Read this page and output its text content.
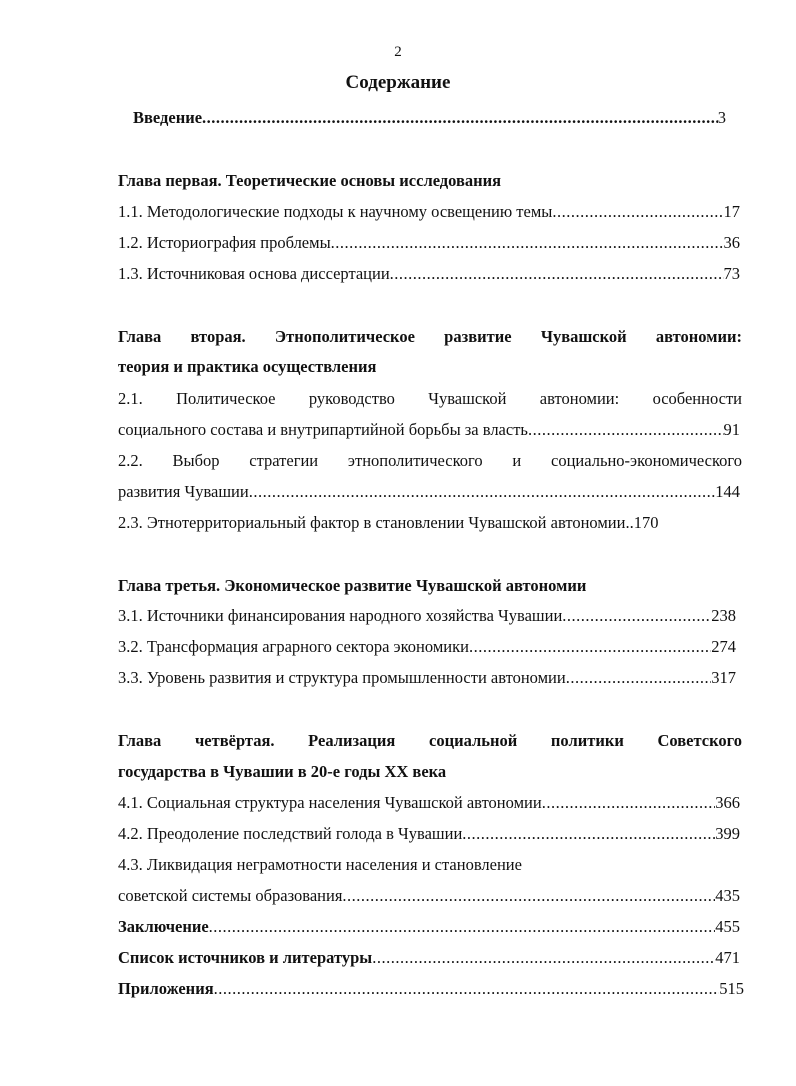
2
Содержание
Введение .....	3
Глава первая. Теоретические основы исследования
1.1. Методологические подходы к научному освещению темы .....	17
1.2. Историография проблемы .....	36
1.3. Источниковая основа диссертации .....	73
Глава вторая. Этнополитическое развитие Чувашской автономии:
теория и практика осуществления
2.1. Политическое руководство Чувашской автономии: особенности
социального состава и внутрипартийной борьбы за власть .....	91
2.2. Выбор стратегии этнополитического и социально-экономического
развития Чувашии .....	144
2.3. Этнотерриториальный фактор в становлении Чувашской автономии..170
Глава третья. Экономическое развитие Чувашской автономии
3.1. Источники финансирования народного хозяйства Чувашии .....	238
3.2. Трансформация аграрного сектора экономики .....	274
3.3. Уровень развития и структура промышленности автономии .....	317
Глава четвёртая. Реализация социальной политики Советского
государства в Чувашии в 20-е годы XX века
4.1. Социальная структура населения Чувашской автономии .....	366
4.2. Преодоление последствий голода в Чувашии .....	399
4.3. Ликвидация неграмотности населения и становление
советской системы образования .....	435
Заключение .....	455
Список источников и литературы .....	471
Приложения .....	515
